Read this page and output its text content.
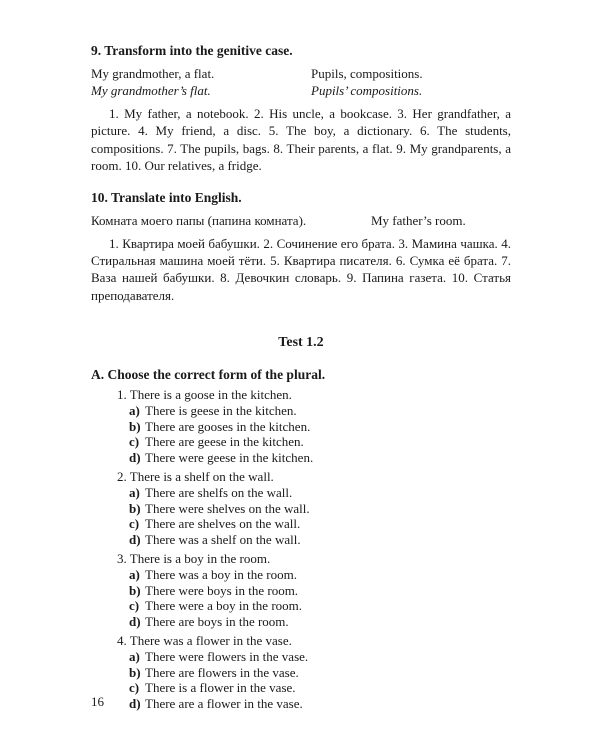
9. Transform into the genitive case.

My grandmother, a flat.	Pupils, compositions.
My grandmother’s flat.	Pupils’ compositions.

1. My father, a notebook. 2. His uncle, a bookcase. 3. Her grandfather, a picture. 4. My friend, a disc. 5. The boy, a dictionary. 6. The students, compositions. 7. The pupils, bags. 8. Their parents, a flat. 9. My grandparents, a room. 10. Our relatives, a fridge.

10. Translate into English.

Комната моего папы (папина комната).	My father’s room.

1. Квартира моей бабушки. 2. Сочинение его брата. 3. Мамина чашка. 4. Стиральная машина моей тёти. 5. Квартира писателя. 6. Сумка её брата. 7. Ваза нашей бабушки. 8. Девочкин словарь. 9. Папина газета. 10. Статья преподавателя.

Test 1.2

A. Choose the correct form of the plural.

1. There is a goose in the kitchen.

a) There is geese in the kitchen.
b) There are gooses in the kitchen.
c) There are geese in the kitchen.
d) There were geese in the kitchen.

2. There is a shelf on the wall.

a) There are shelfs on the wall.
b) There were shelves on the wall.
c) There are shelves on the wall.
d) There was a shelf on the wall.

3. There is a boy in the room.

a) There was a boy in the room.
b) There were boys in the room.
c) There were a boy in the room.
d) There are boys in the room.

4. There was a flower in the vase.

a) There were flowers in the vase.
b) There are flowers in the vase.
c) There is a flower in the vase.
d) There are a flower in the vase.
16
